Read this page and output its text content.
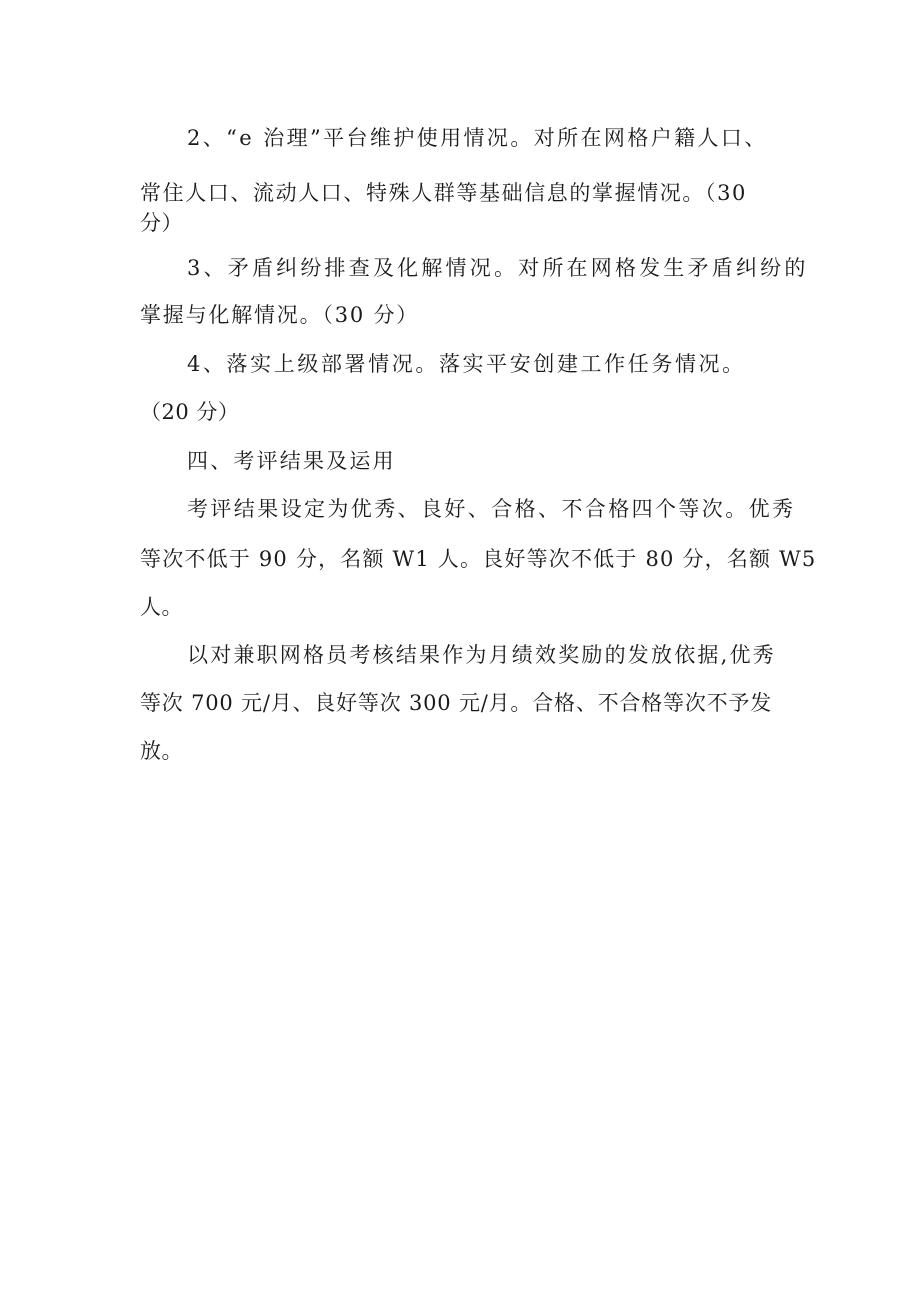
2、“e 治理”平台维护使用情况。对所在网格户籍人口、
常住人口、流动人口、特殊人群等基础信息的掌握情况。（30
分）
3、矛盾纠纷排查及化解情况。对所在网格发生矛盾纠纷的
掌握与化解情况。（30 分）
4、落实上级部署情况。落实平安创建工作任务情况。
（20 分）
四、考评结果及运用
考评结果设定为优秀、良好、合格、不合格四个等次。优秀
等次不低于 90 分，名额 W1 人。良好等次不低于 80 分，名额 W5
人。
以对兼职网格员考核结果作为月绩效奖励的发放依据,优秀
等次 700 元/月、良好等次 300 元/月。合格、不合格等次不予发
放。
